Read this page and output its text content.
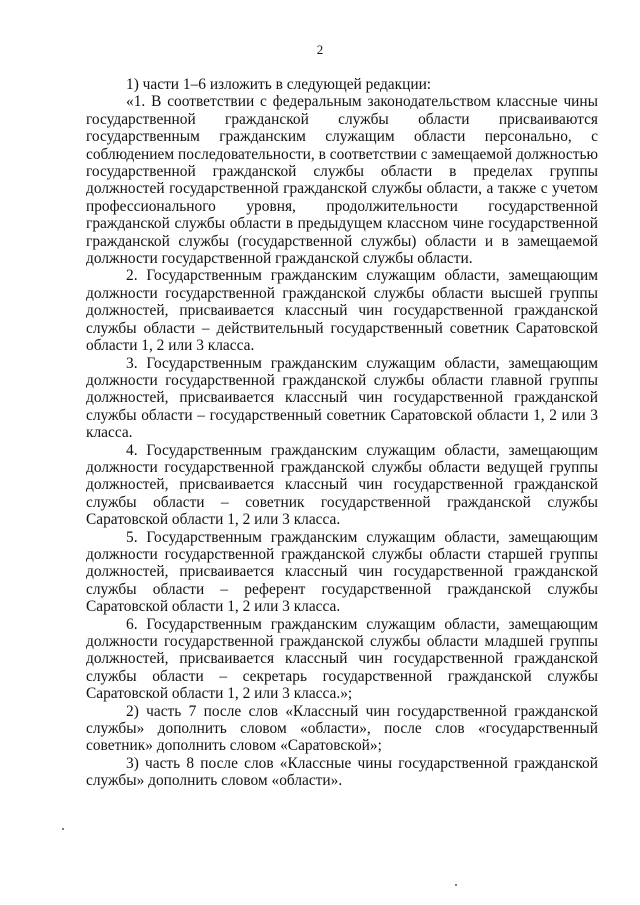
2

1) части 1–6 изложить в следующей редакции:

«1. В соответствии с федеральным законодательством классные чины государственной гражданской службы области присваиваются государственным гражданским служащим области персонально, с соблюдением последовательности, в соответствии с замещаемой должностью государственной гражданской службы области в пределах группы должностей государственной гражданской службы области, а также с учетом профессионального уровня, продолжительности государственной гражданской службы области в предыдущем классном чине государственной гражданской службы (государственной службы) области и в замещаемой должности государственной гражданской службы области.

2. Государственным гражданским служащим области, замещающим должности государственной гражданской службы области высшей группы должностей, присваивается классный чин государственной гражданской службы области – действительный государственный советник Саратовской области 1, 2 или 3 класса.

3. Государственным гражданским служащим области, замещающим должности государственной гражданской службы области главной группы должностей, присваивается классный чин государственной гражданской службы области – государственный советник Саратовской области 1, 2 или 3 класса.

4. Государственным гражданским служащим области, замещающим должности государственной гражданской службы области ведущей группы должностей, присваивается классный чин государственной гражданской службы области – советник государственной гражданской службы Саратовской области 1, 2 или 3 класса.

5. Государственным гражданским служащим области, замещающим должности государственной гражданской службы области старшей группы должностей, присваивается классный чин государственной гражданской службы области – референт государственной гражданской службы Саратовской области 1, 2 или 3 класса.

6. Государственным гражданским служащим области, замещающим должности государственной гражданской службы области младшей группы должностей, присваивается классный чин государственной гражданской службы области – секретарь государственной гражданской службы Саратовской области 1, 2 или 3 класса.»;

2) часть 7 после слов «Классный чин государственной гражданской службы» дополнить словом «области», после слов «государственный советник» дополнить словом «Саратовской»;

3) часть 8 после слов «Классные чины государственной гражданской службы» дополнить словом «области».
